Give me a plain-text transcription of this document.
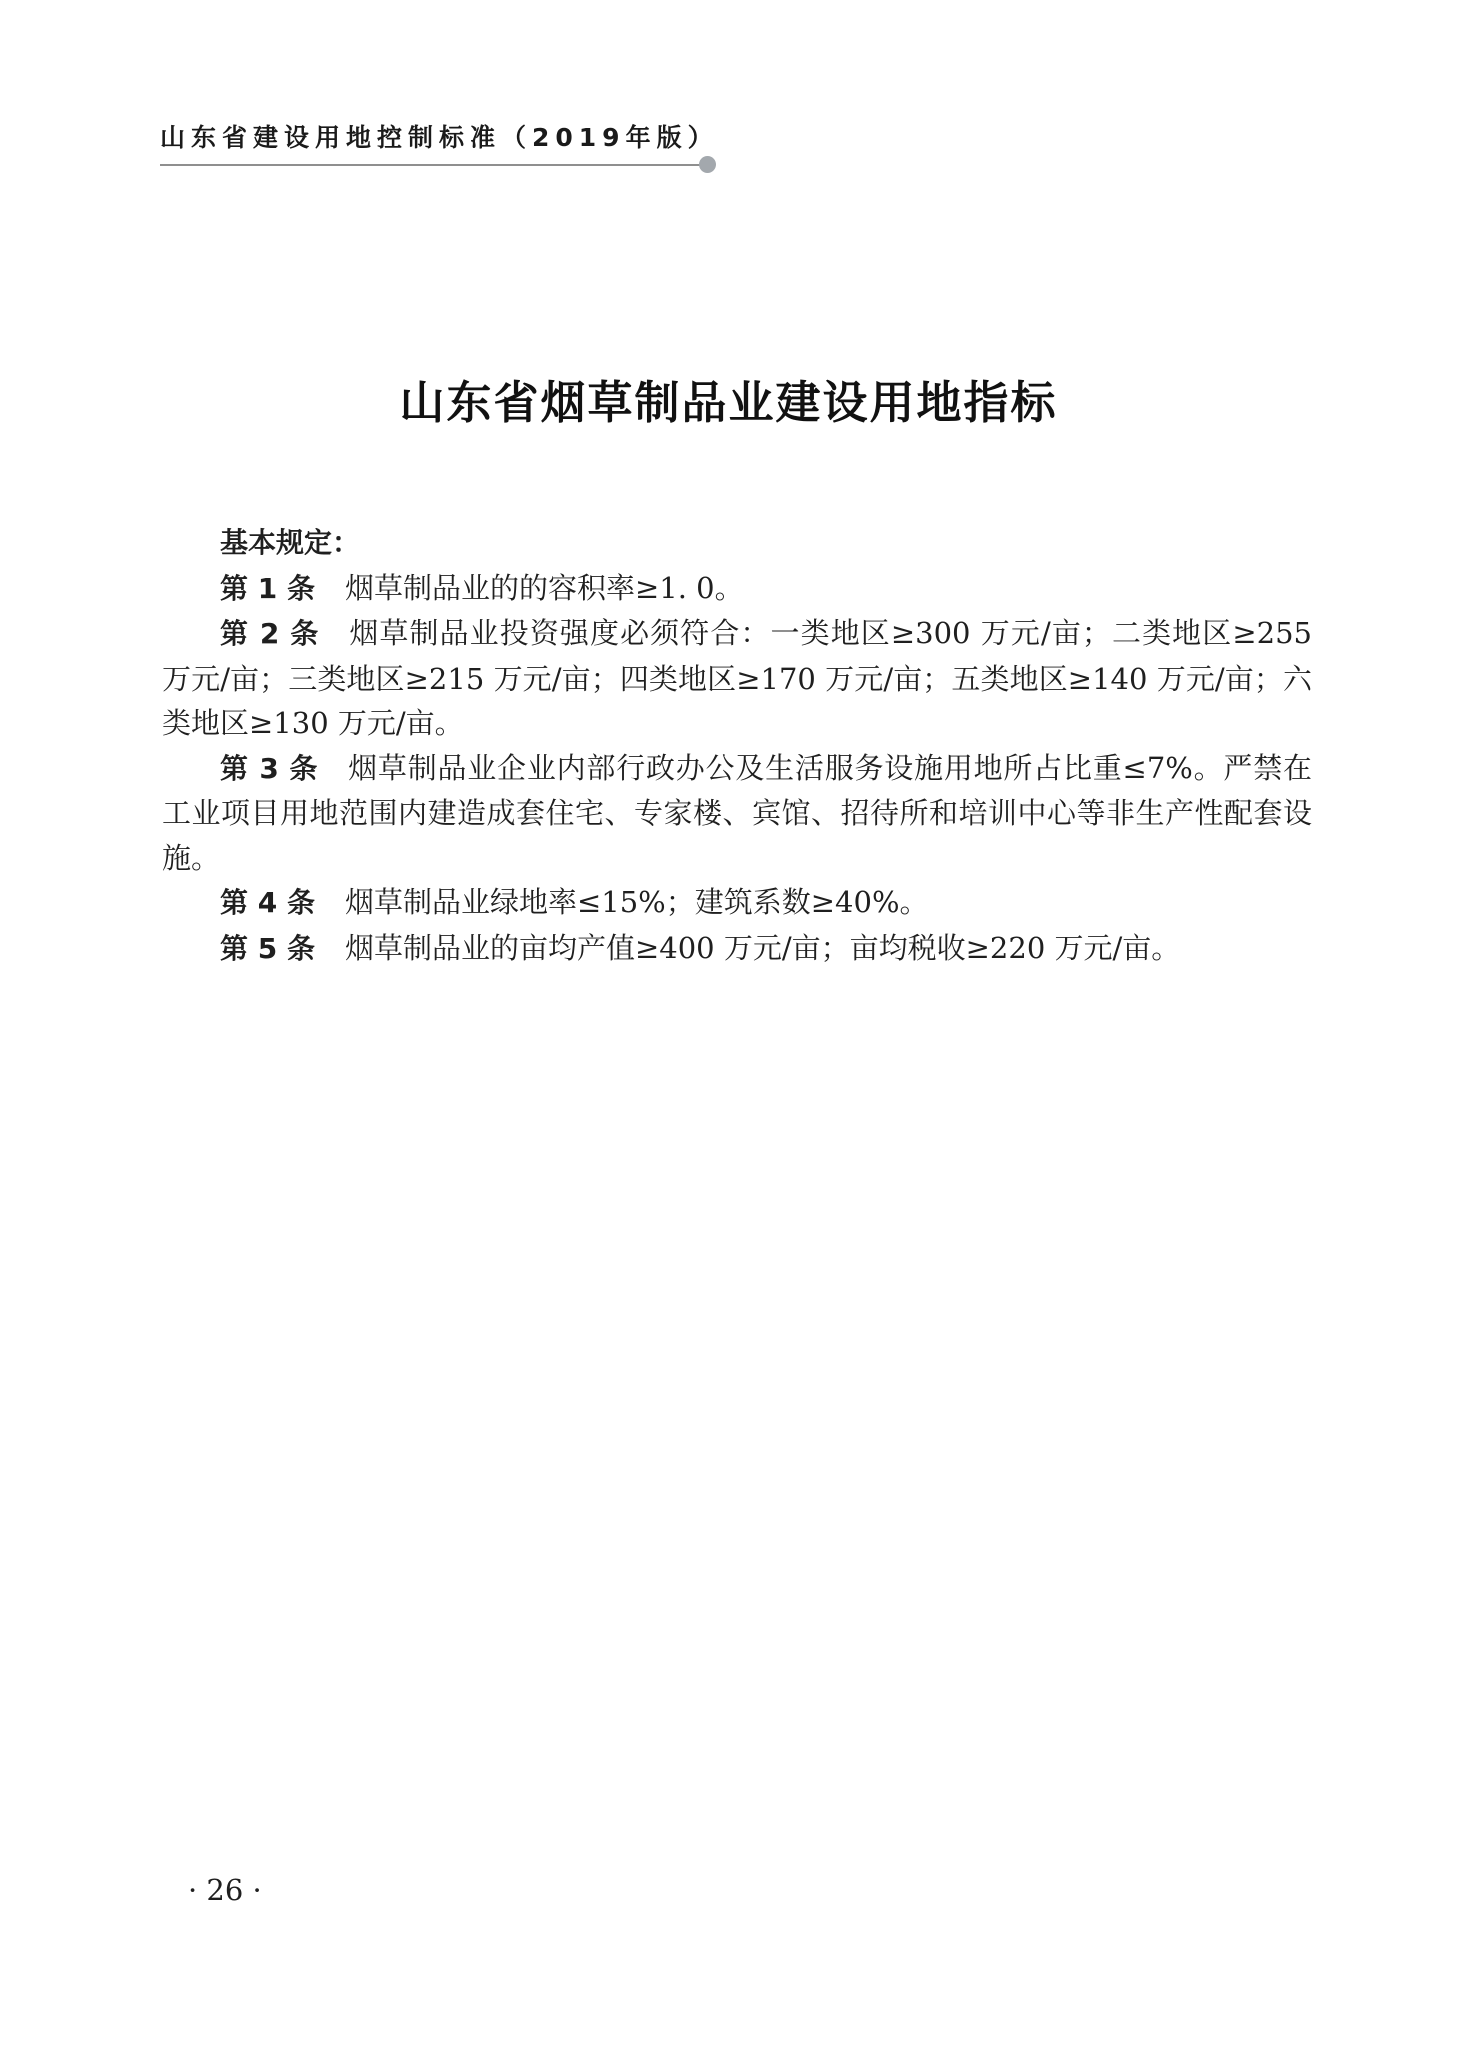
山东省建设用地控制标准（2019年版）
山东省烟草制品业建设用地指标

基本规定：

第 1 条 烟草制品业的的容积率≥1. 0。

第 2 条 烟草制品业投资强度必须符合：一类地区≥300 万元/亩；二类地区≥255 万元/亩；三类地区≥215 万元/亩；四类地区≥170 万元/亩；五类地区≥140 万元/亩；六类地区≥130 万元/亩。

第 3 条 烟草制品业企业内部行政办公及生活服务设施用地所占比重≤7%。严禁在工业项目用地范围内建造成套住宅、专家楼、宾馆、招待所和培训中心等非生产性配套设施。

第 4 条 烟草制品业绿地率≤15%；建筑系数≥40%。

第 5 条 烟草制品业的亩均产值≥400 万元/亩；亩均税收≥220 万元/亩。

· 26 ·
